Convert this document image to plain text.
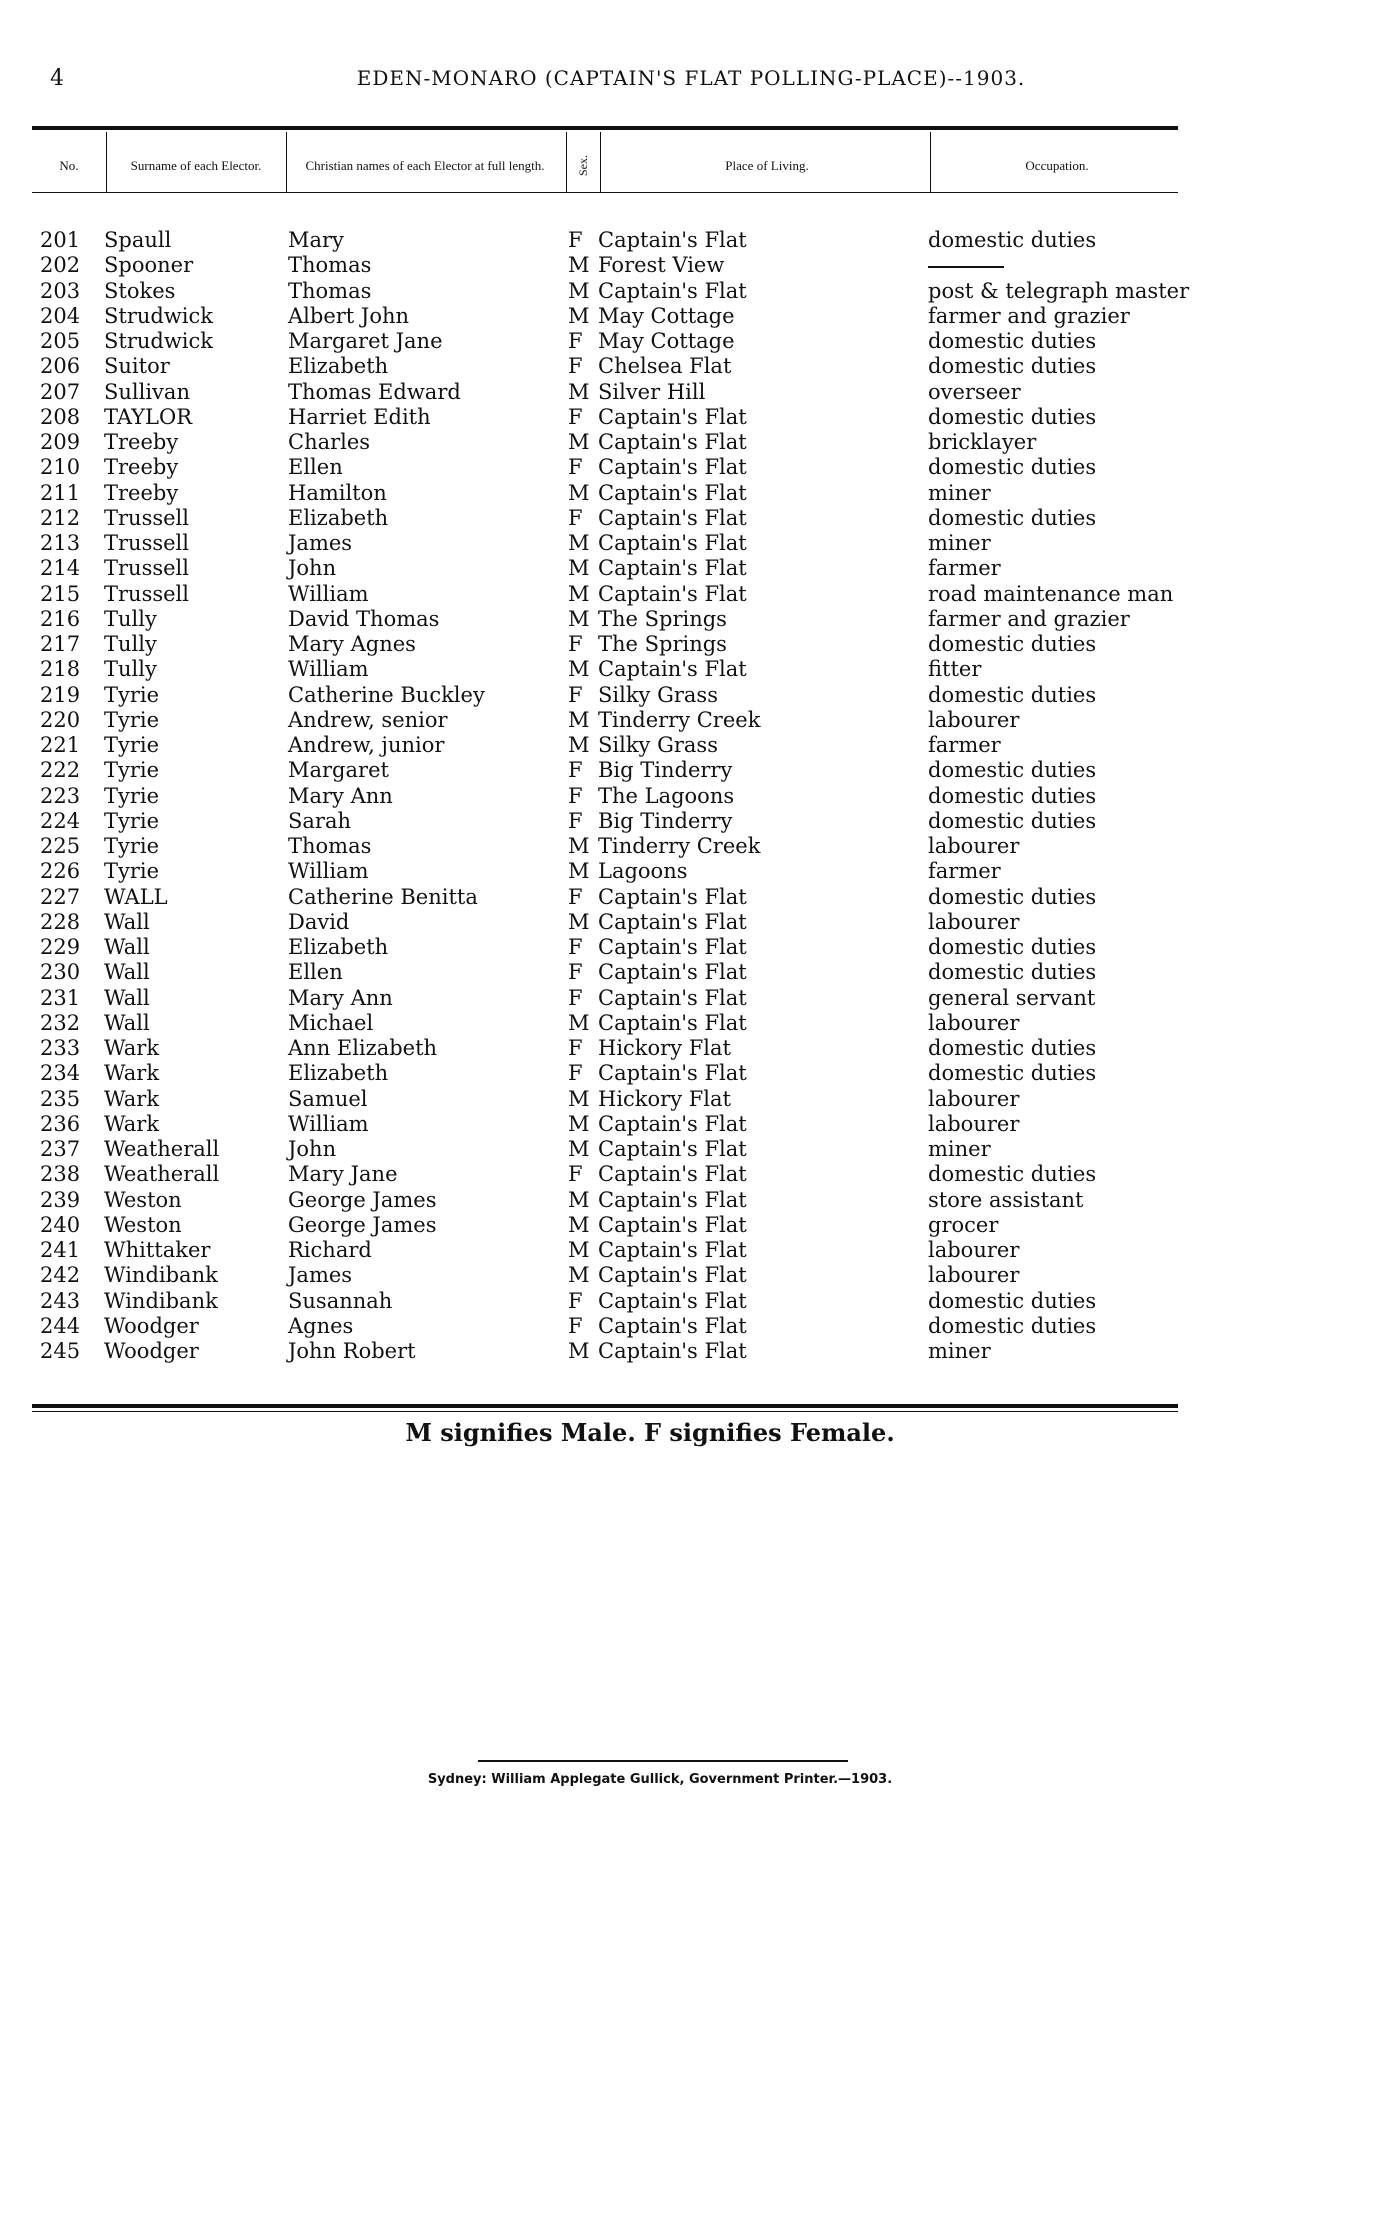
4	EDEN-MONARO (CAPTAIN'S FLAT POLLING-PLACE)--1903.
No.	Surname of each Elector.	Christian names of each Elector at full length.	Sex.	Place of Living.	Occupation.
201 Spaull	Mary	F Captain's Flat	domestic duties
202 Spooner	Thomas	M Forest View
203 Stokes	Thomas	M Captain's Flat	post & telegraph master
204 Strudwick	Albert John	M May Cottage	farmer and grazier
205 Strudwick	Margaret Jane	F May Cottage	domestic duties
206 Suitor	Elizabeth	F Chelsea Flat	domestic duties
207 Sullivan	Thomas Edward	M Silver Hill	overseer
208 TAYLOR	Harriet Edith	F Captain's Flat	domestic duties
209 Treeby	Charles	M Captain's Flat	bricklayer
210 Treeby	Ellen	F Captain's Flat	domestic duties
211 Treeby	Hamilton	M Captain's Flat	miner
212 Trussell	Elizabeth	F Captain's Flat	domestic duties
213 Trussell	James	M Captain's Flat	miner
214 Trussell	John	M Captain's Flat	farmer
215 Trussell	William	M Captain's Flat	road maintenance man
216 Tully	David Thomas	M The Springs	farmer and grazier
217 Tully	Mary Agnes	F The Springs	domestic duties
218 Tully	William	M Captain's Flat	fitter
219 Tyrie	Catherine Buckley	F Silky Grass	domestic duties
220 Tyrie	Andrew, senior	M Tinderry Creek	labourer
221 Tyrie	Andrew, junior	M Silky Grass	farmer
222 Tyrie	Margaret	F Big Tinderry	domestic duties
223 Tyrie	Mary Ann	F The Lagoons	domestic duties
224 Tyrie	Sarah	F Big Tinderry	domestic duties
225 Tyrie	Thomas	M Tinderry Creek	labourer
226 Tyrie	William	M Lagoons	farmer
227 WALL	Catherine Benitta	F Captain's Flat	domestic duties
228 Wall	David	M Captain's Flat	labourer
229 Wall	Elizabeth	F Captain's Flat	domestic duties
230 Wall	Ellen	F Captain's Flat	domestic duties
231 Wall	Mary Ann	F Captain's Flat	general servant
232 Wall	Michael	M Captain's Flat	labourer
233 Wark	Ann Elizabeth	F Hickory Flat	domestic duties
234 Wark	Elizabeth	F Captain's Flat	domestic duties
235 Wark	Samuel	M Hickory Flat	labourer
236 Wark	William	M Captain's Flat	labourer
237 Weatherall	John	M Captain's Flat	miner
238 Weatherall	Mary Jane	F Captain's Flat	domestic duties
239 Weston	George James	M Captain's Flat	store assistant
240 Weston	George James	M Captain's Flat	grocer
241 Whittaker	Richard	M Captain's Flat	labourer
242 Windibank	James	M Captain's Flat	labourer
243 Windibank	Susannah	F Captain's Flat	domestic duties
244 Woodger	Agnes	F Captain's Flat	domestic duties
245 Woodger	John Robert	M Captain's Flat	miner
M signifies Male. F signifies Female.
Sydney: William Applegate Gullick, Government Printer.—1903.
